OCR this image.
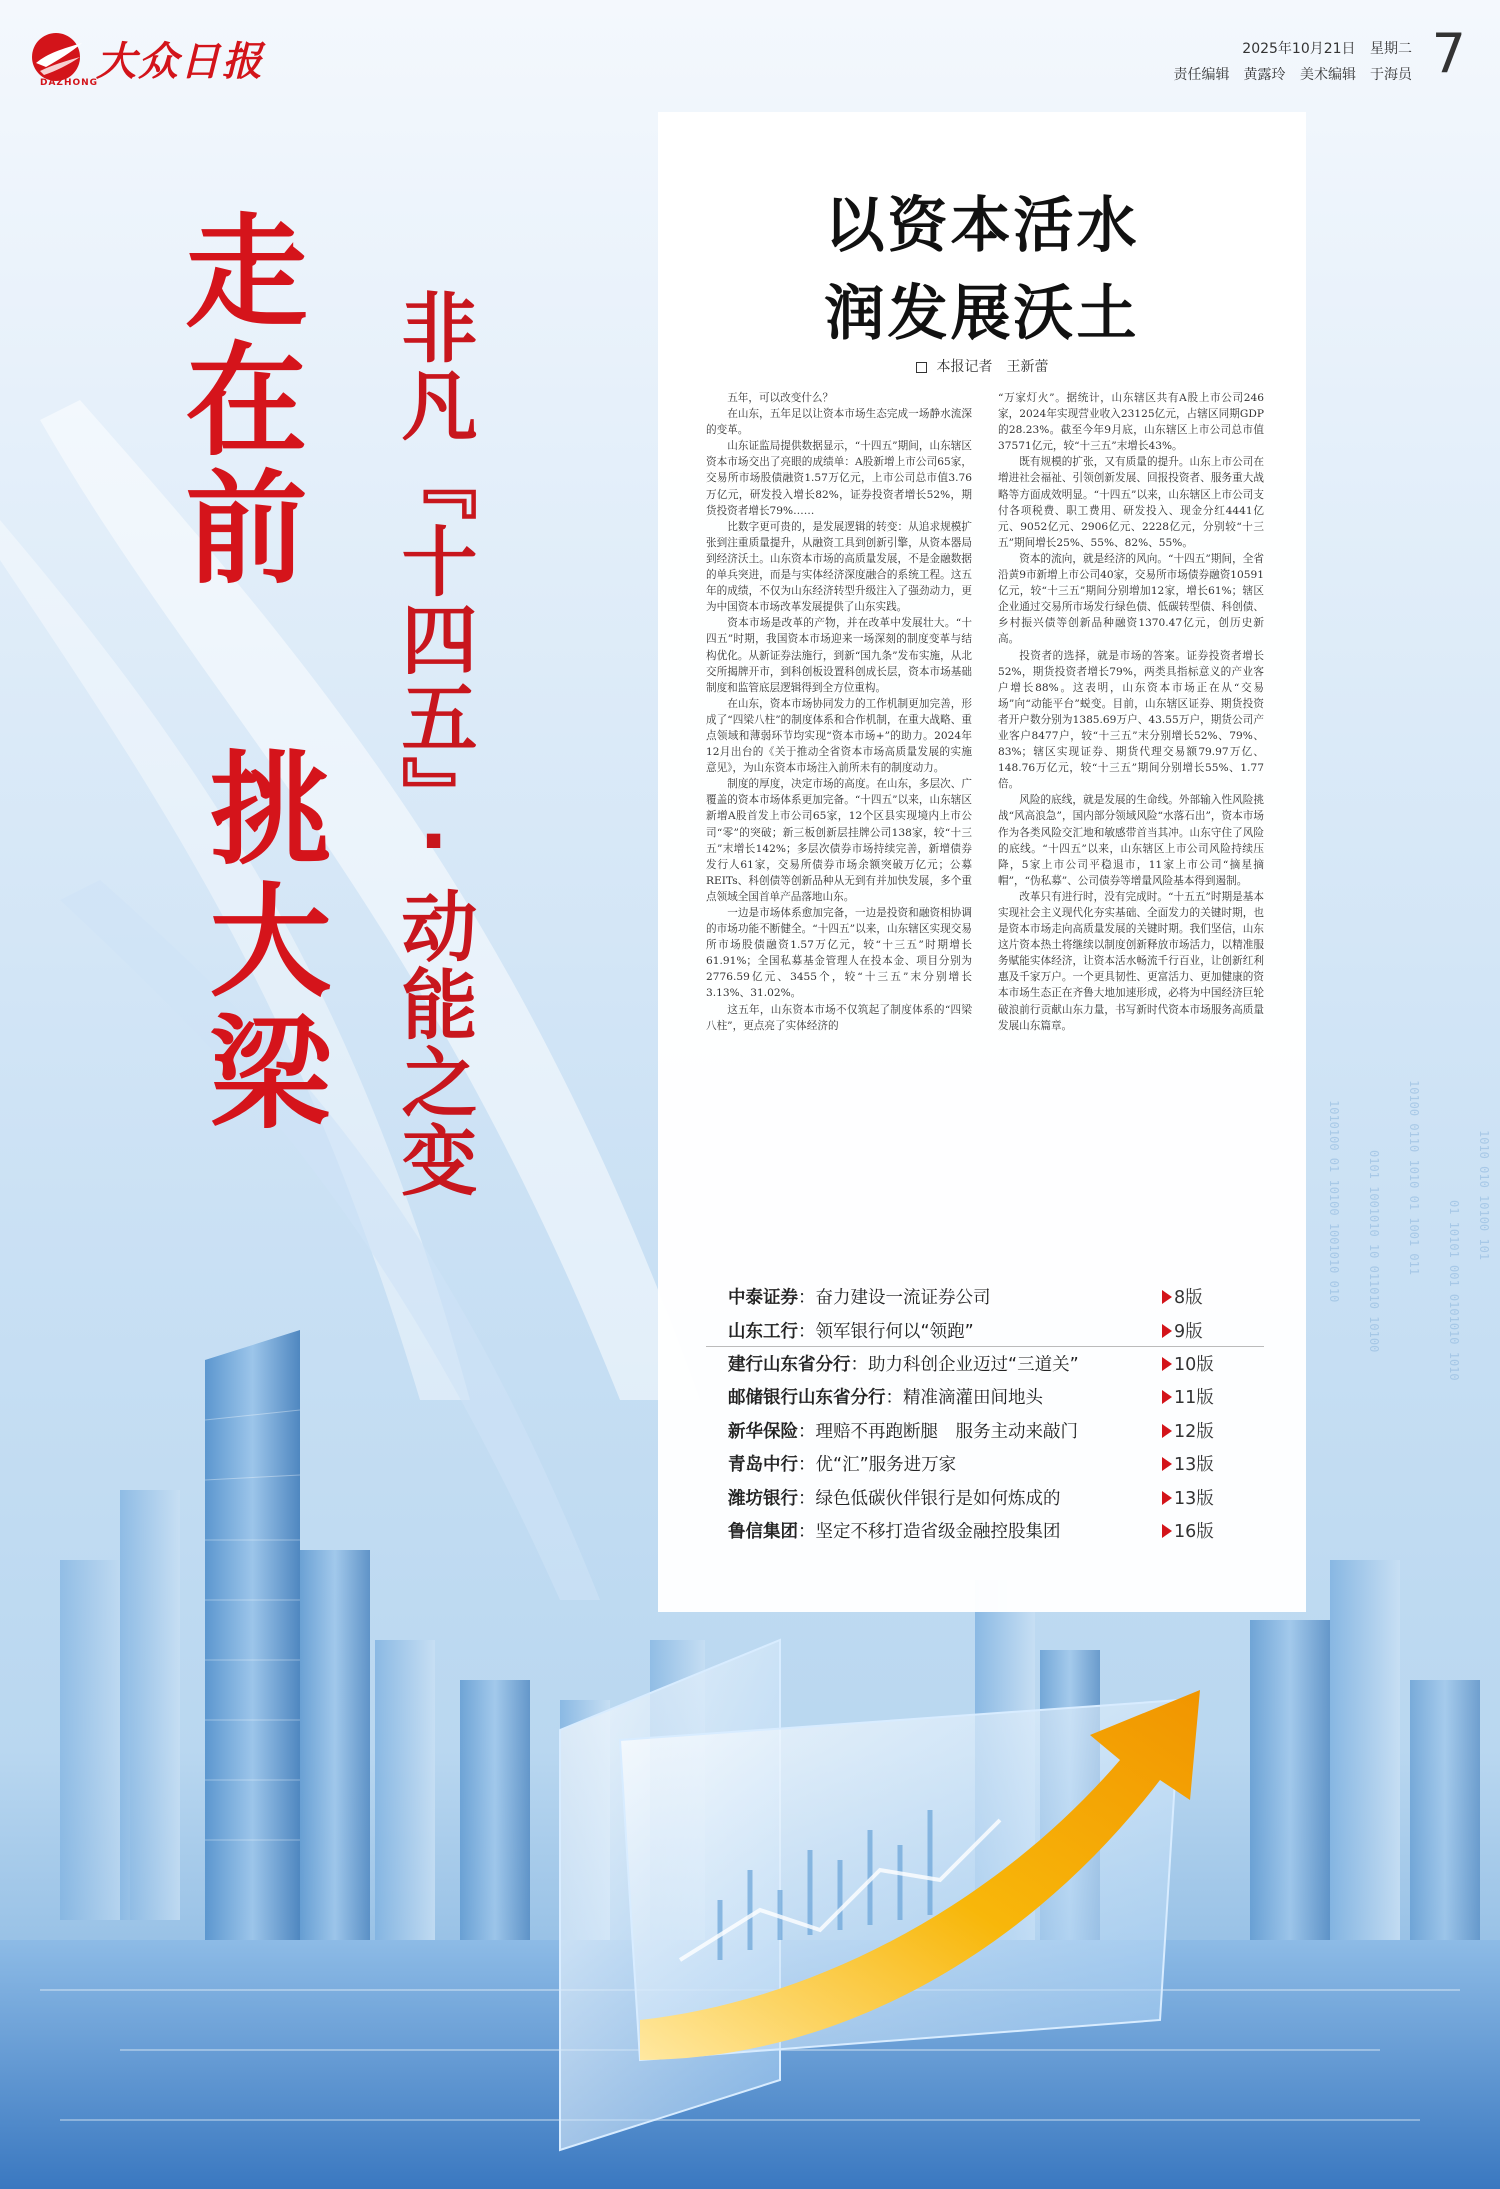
1010100 01 10100 1001010 010 0101 1001010 10 011010 10100 10100 0110 1010 01 1001 011
01 10101 001 0101010 1010
1010 010 10100 101
大众日报
DAZHONG
2025年10月21日 星期二
责任编辑　黄露玲 美术编辑　于海员 7
走在前
挑大梁 非凡『十四五』·动能之变
以资本活水
润发展沃土
本报记者　王新蕾

五年，可以改变什么？

在山东，五年足以让资本市场生态完成一场静水流深的变革。

山东证监局提供数据显示，“十四五”期间，山东辖区资本市场交出了亮眼的成绩单：A股新增上市公司65家，交易所市场股债融资1.57万亿元，上市公司总市值3.76万亿元，研发投入增长82%，证券投资者增长52%，期货投资者增长79%……

比数字更可贵的，是发展逻辑的转变：从追求规模扩张到注重质量提升，从融资工具到创新引擎，从资本器局到经济沃土。山东资本市场的高质量发展，不是金融数据的单兵突进，而是与实体经济深度融合的系统工程。这五年的成绩，不仅为山东经济转型升级注入了强劲动力，更为中国资本市场改革发展提供了山东实践。

资本市场是改革的产物，并在改革中发展壮大。“十四五”时期，我国资本市场迎来一场深刻的制度变革与结构优化。从新证券法施行，到新“国九条”发布实施，从北交所揭牌开市，到科创板设置科创成长层，资本市场基础制度和监管底层逻辑得到全方位重构。

在山东，资本市场协同发力的工作机制更加完善，形成了“四梁八柱”的制度体系和合作机制，在重大战略、重点领域和薄弱环节均实现“资本市场+”的助力。2024年12月出台的《关于推动全省资本市场高质量发展的实施意见》，为山东资本市场注入前所未有的制度动力。

制度的厚度，决定市场的高度。在山东，多层次、广覆盖的资本市场体系更加完备。“十四五”以来，山东辖区新增A股首发上市公司65家，12个区县实现境内上市公司“零”的突破；新三板创新层挂牌公司138家，较“十三五”末增长142%；多层次债券市场持续完善，新增债券发行人61家，交易所债券市场余额突破万亿元；公募REITs、科创债等创新品种从无到有并加快发展，多个重点领域全国首单产品落地山东。

一边是市场体系愈加完备，一边是投资和融资相协调的市场功能不断健全。“十四五”以来，山东辖区实现交易所市场股债融资1.57万亿元，较“十三五”时期增长61.91%；全国私募基金管理人在投本金、项目分别为2776.59亿元、3455个，较“十三五”末分别增长3.13%、31.02%。

这五年，山东资本市场不仅筑起了制度体系的“四梁八柱”，更点亮了实体经济的

“万家灯火”。据统计，山东辖区共有A股上市公司246家，2024年实现营业收入23125亿元，占辖区同期GDP的28.23%。截至今年9月底，山东辖区上市公司总市值37571亿元，较“十三五”末增长43%。

既有规模的扩张，又有质量的提升。山东上市公司在增进社会福祉、引领创新发展、回报投资者、服务重大战略等方面成效明显。“十四五”以来，山东辖区上市公司支付各项税费、职工费用、研发投入、现金分红4441亿元、9052亿元、2906亿元、2228亿元，分别较“十三五”期间增长25%、55%、82%、55%。

资本的流向，就是经济的风向。“十四五”期间，全省沿黄9市新增上市公司40家，交易所市场债券融资10591亿元，较“十三五”期间分别增加12家，增长61%；辖区企业通过交易所市场发行绿色债、低碳转型债、科创债、乡村振兴债等创新品种融资1370.47亿元，创历史新高。

投资者的选择，就是市场的答案。证券投资者增长52%，期货投资者增长79%，两类具指标意义的产业客户增长88%。这表明，山东资本市场正在从“交易场”向“动能平台”蜕变。目前，山东辖区证券、期货投资者开户数分别为1385.69万户、43.55万户，期货公司产业客户8477户，较“十三五”末分别增长52%、79%、83%；辖区实现证券、期货代理交易额79.97万亿、148.76万亿元，较“十三五”期间分别增长55%、1.77倍。

风险的底线，就是发展的生命线。外部输入性风险挑战“风高浪急”，国内部分领域风险“水落石出”，资本市场作为各类风险交汇地和敏感带首当其冲。山东守住了风险的底线。“十四五”以来，山东辖区上市公司风险持续压降，5家上市公司平稳退市，11家上市公司“摘星摘帽”，“伪私募”、公司债券等增量风险基本得到遏制。

改革只有进行时，没有完成时。“十五五”时期是基本实现社会主义现代化夯实基础、全面发力的关键时期，也是资本市场走向高质量发展的关键时期。我们坚信，山东这片资本热土将继续以制度创新释放市场活力，以精准服务赋能实体经济，让资本活水畅流千行百业，让创新红利惠及千家万户。一个更具韧性、更富活力、更加健康的资本市场生态正在齐鲁大地加速形成，必将为中国经济巨轮破浪前行贡献山东力量，书写新时代资本市场服务高质量发展山东篇章。

中泰证券：奋力建设一流证券公司	8版
山东工行：领军银行何以“领跑”	9版
建行山东省分行：助力科创企业迈过“三道关”	10版
邮储银行山东省分行：精准滴灌田间地头	11版
新华保险：理赔不再跑断腿　服务主动来敲门	12版
青岛中行：优“汇”服务进万家	13版
潍坊银行：绿色低碳伙伴银行是如何炼成的	13版
鲁信集团：坚定不移打造省级金融控股集团	16版
